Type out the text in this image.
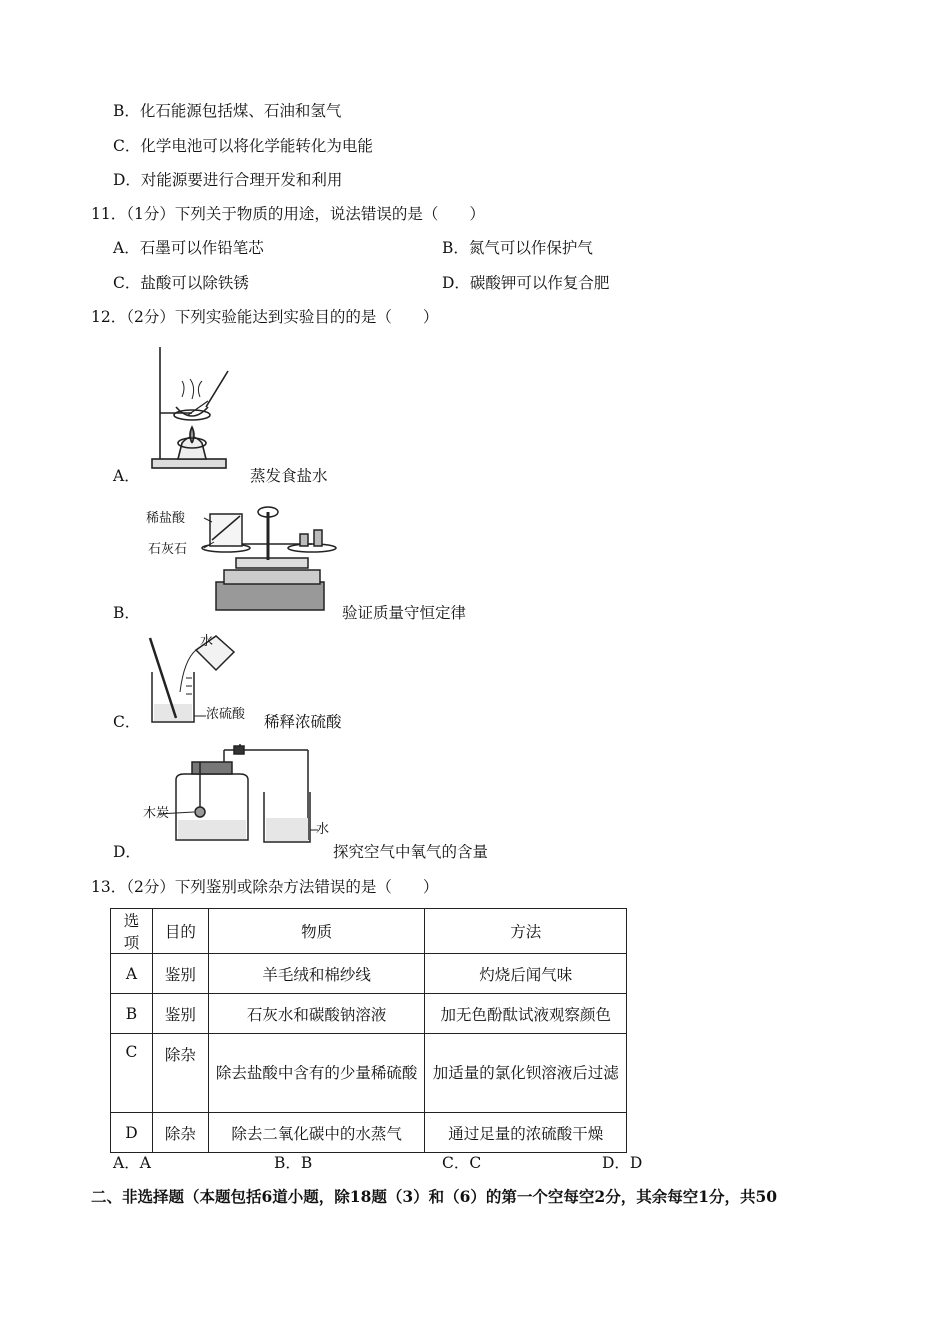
B．化石能源包括煤、石油和氢气
C．化学电池可以将化学能转化为电能
D．对能源要进行合理开发和利用
11．（1分）下列关于物质的用途，说法错误的是（　　）
A．石墨可以作铅笔芯	B．氮气可以作保护气
C．盐酸可以除铁锈	D．碳酸钾可以作复合肥
12．（2分）下列实验能达到实验目的的是（　　）
A．	蒸发食盐水
稀盐酸
石灰石
B．	验证质量守恒定律
水
浓硫酸
C．	稀释浓硫酸
木炭
水
D．	探究空气中氧气的含量
13．（2分）下列鉴别或除杂方法错误的是（　　）
选项	目的	物质	方法
A	鉴别	羊毛绒和棉纱线	灼烧后闻气味
B	鉴别	石灰水和碳酸钠溶液	加无色酚酞试液观察颜色
C	除杂	除去盐酸中含有的少量稀硫酸	加适量的氯化钡溶液后过滤
D	除杂	除去二氧化碳中的水蒸气	通过足量的浓硫酸干燥
A．A	B．B	C．C	D．D
二、非选择题（本题包括6道小题，除18题（3）和（6）的第一个空每空2分，其余每空1分，共50
